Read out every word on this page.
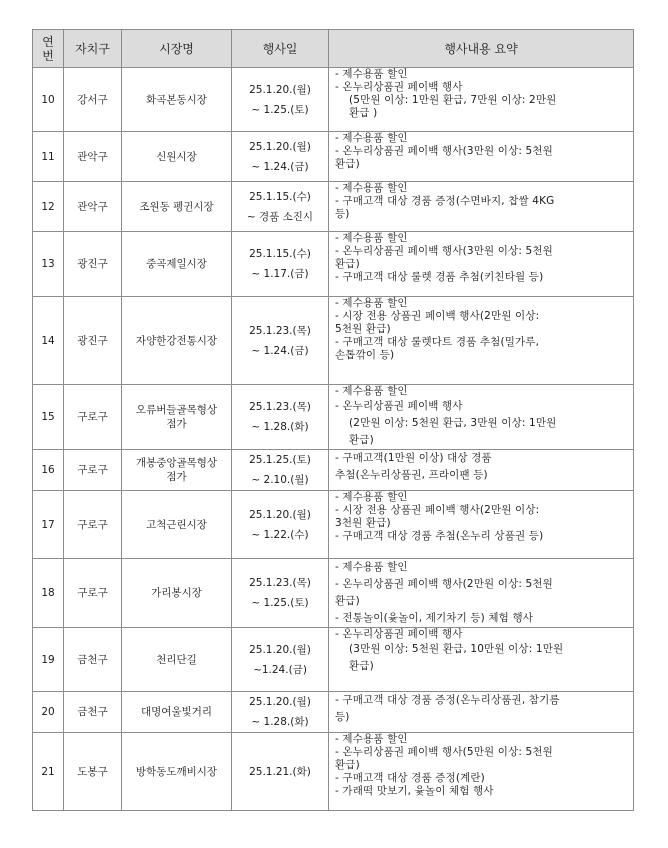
연
번	자치구	시장명	행사일	행사내용 요약
10	강서구	화곡본동시장	25.1.20.(월)
~ 1.25.(토)	- 제수용품 할인
- 온누리상품권 페이백 행사
(5만원 이상: 1만원 환급, 7만원 이상: 2만원
환급 )

11	관악구	신원시장	25.1.20.(월)
~ 1.24.(금)	- 제수용품 할인
- 온누리상품권 페이백 행사(3만원 이상: 5천원
환급)

12	관악구	조원동 펭귄시장	25.1.15.(수)
~ 경품 소진시	- 제수용품 할인
- 구매고객 대상 경품 증정(수면바지, 찹쌀 4KG
등)

13	광진구	중곡제일시장	25.1.15.(수)
~ 1.17.(금)	- 제수용품 할인
- 온누리상품권 페이백 행사(3만원 이상: 5천원
환급)
- 구매고객 대상 룰렛 경품 추첨(키친타월 등)

14	광진구	자양한강전통시장	25.1.23.(목)
~ 1.24.(금)	- 제수용품 할인
- 시장 전용 상품권 페이백 행사(2만원 이상:
5천원 환급)
- 구매고객 대상 룰렛다트 경품 추첨(밀가루,
손톱깎이 등)

15	구로구	오류버들골목형상
점가	25.1.23.(목)
~ 1.28.(화)	- 제수용품 할인
- 온누리상품권 페이백 행사
(2만원 이상: 5천원 환급, 3만원 이상: 1만원
환급)

16	구로구	개봉중앙골목형상
점가	25.1.25.(토)
~ 2.10.(월)	- 구매고객(1만원 이상) 대상 경품
추첨(온누리상품권, 프라이팬 등)

17	구로구	고척근린시장	25.1.20.(월)
~ 1.22.(수)	- 제수용품 할인
- 시장 전용 상품권 페이백 행사(2만원 이상:
3천원 환급)
- 구매고객 대상 경품 추첨(온누리 상품권 등)

18	구로구	가리봉시장	25.1.23.(목)
~ 1.25.(토)	- 제수용품 할인
- 온누리상품권 페이백 행사(2만원 이상: 5천원
환급)
- 전통놀이(윷놀이, 제기차기 등) 체험 행사

19	금천구	천리단길	25.1.20.(월)
~1.24.(금)	- 온누리상품권 페이백 행사
(3만원 이상: 5천원 환급, 10만원 이상: 1만원
환급)

20	금천구	대명여울빛거리	25.1.20.(월)
~ 1.28.(화)	- 구매고객 대상 경품 증정(온누리상품권, 참기름
등)

21	도봉구	방학동도깨비시장	25.1.21.(화)	- 제수용품 할인
- 온누리상품권 페이백 행사(5만원 이상: 5천원
환급)
- 구매고객 대상 경품 증정(계란)
- 가래떡 맛보기, 윷놀이 체험 행사
